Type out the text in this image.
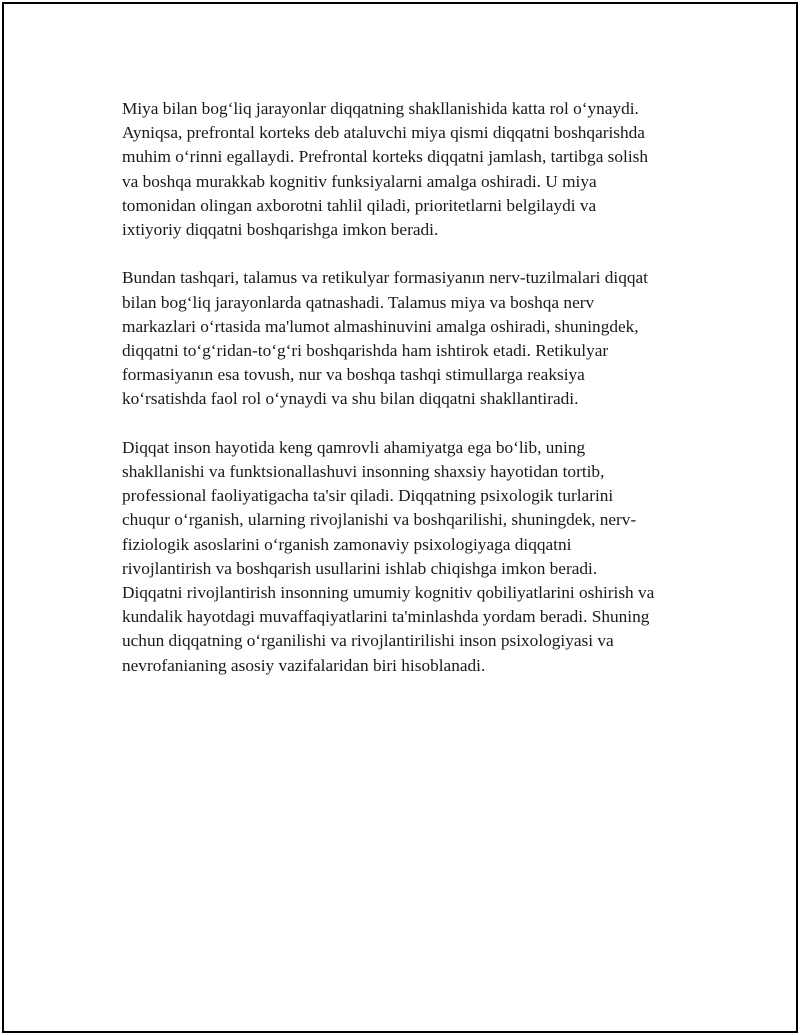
Miya bilan bog‘liq jarayonlar diqqatning shakllanishida katta rol o‘ynaydi.
Ayniqsa, prefrontal korteks deb ataluvchi miya qismi diqqatni boshqarishda
muhim o‘rinni egallaydi. Prefrontal korteks diqqatni jamlash, tartibga solish
va boshqa murakkab kognitiv funksiyalarni amalga oshiradi. U miya
tomonidan olingan axborotni tahlil qiladi, prioritetlarni belgilaydi va
ixtiyoriy diqqatni boshqarishga imkon beradi.

Bundan tashqari, talamus va retikulyar formasiyanın nerv-tuzilmalari diqqat
bilan bog‘liq jarayonlarda qatnashadi. Talamus miya va boshqa nerv
markazlari o‘rtasida ma'lumot almashinuvini amalga oshiradi, shuningdek,
diqqatni to‘g‘ridan-to‘g‘ri boshqarishda ham ishtirok etadi. Retikulyar
formasiyanın esa tovush, nur va boshqa tashqi stimullarga reaksiya
ko‘rsatishda faol rol o‘ynaydi va shu bilan diqqatni shakllantiradi.

Diqqat inson hayotida keng qamrovli ahamiyatga ega bo‘lib, uning
shakllanishi va funktsionallashuvi insonning shaxsiy hayotidan tortib,
professional faoliyatigacha ta'sir qiladi. Diqqatning psixologik turlarini
chuqur o‘rganish, ularning rivojlanishi va boshqarilishi, shuningdek, nerv-
fiziologik asoslarini o‘rganish zamonaviy psixologiyaga diqqatni
rivojlantirish va boshqarish usullarini ishlab chiqishga imkon beradi.
Diqqatni rivojlantirish insonning umumiy kognitiv qobiliyatlarini oshirish va
kundalik hayotdagi muvaffaqiyatlarini ta'minlashda yordam beradi. Shuning
uchun diqqatning o‘rganilishi va rivojlantirilishi inson psixologiyasi va
nevrofanianing asosiy vazifalaridan biri hisoblanadi.
